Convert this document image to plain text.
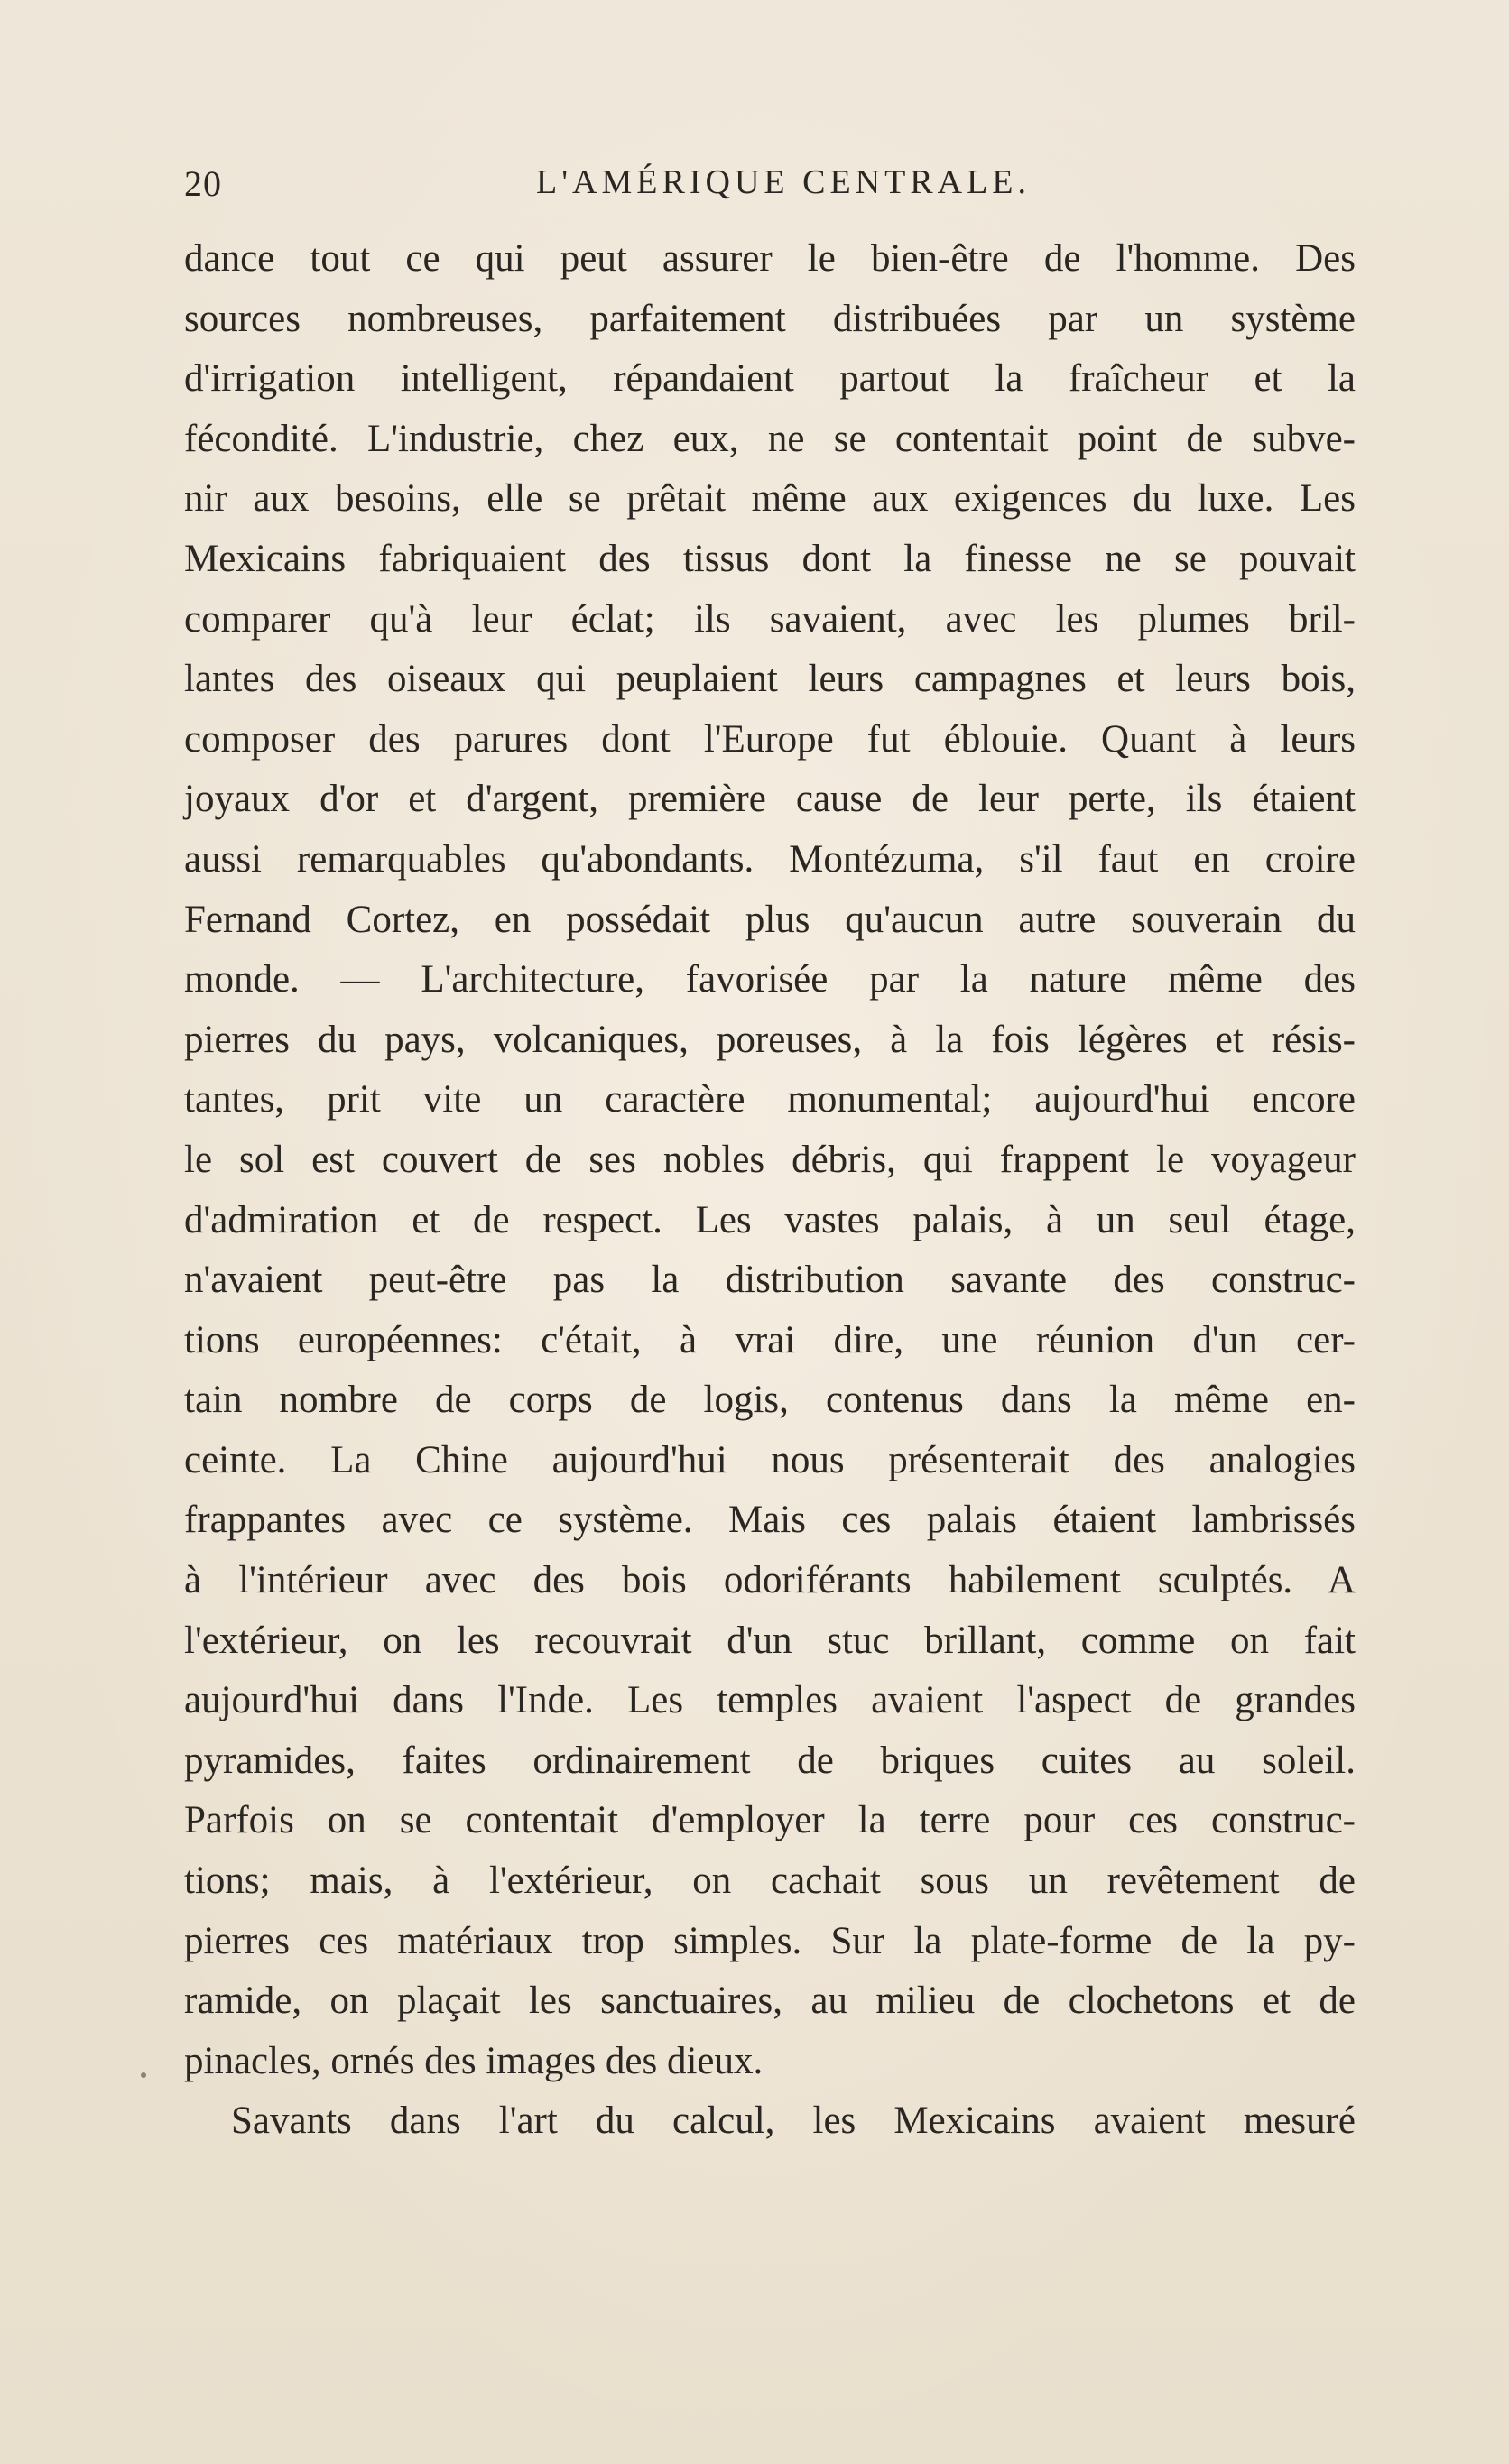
20	L'AMÉRIQUE CENTRALE.
dance tout ce qui peut assurer le bien-être de l'homme. Des
sources nombreuses, parfaitement distribuées par un système
d'irrigation intelligent, répandaient partout la fraîcheur et la
fécondité. L'industrie, chez eux, ne se contentait point de subve-
nir aux besoins, elle se prêtait même aux exigences du luxe. Les
Mexicains fabriquaient des tissus dont la finesse ne se pouvait
comparer qu'à leur éclat; ils savaient, avec les plumes bril-
lantes des oiseaux qui peuplaient leurs campagnes et leurs bois,
composer des parures dont l'Europe fut éblouie. Quant à leurs
joyaux d'or et d'argent, première cause de leur perte, ils étaient
aussi remarquables qu'abondants. Montézuma, s'il faut en croire
Fernand Cortez, en possédait plus qu'aucun autre souverain du
monde. — L'architecture, favorisée par la nature même des
pierres du pays, volcaniques, poreuses, à la fois légères et résis-
tantes, prit vite un caractère monumental; aujourd'hui encore
le sol est couvert de ses nobles débris, qui frappent le voyageur
d'admiration et de respect. Les vastes palais, à un seul étage,
n'avaient peut-être pas la distribution savante des construc-
tions européennes: c'était, à vrai dire, une réunion d'un cer-
tain nombre de corps de logis, contenus dans la même en-
ceinte. La Chine aujourd'hui nous présenterait des analogies
frappantes avec ce système. Mais ces palais étaient lambrissés
à l'intérieur avec des bois odoriférants habilement sculptés. A
l'extérieur, on les recouvrait d'un stuc brillant, comme on fait
aujourd'hui dans l'Inde. Les temples avaient l'aspect de grandes
pyramides, faites ordinairement de briques cuites au soleil.
Parfois on se contentait d'employer la terre pour ces construc-
tions; mais, à l'extérieur, on cachait sous un revêtement de
pierres ces matériaux trop simples. Sur la plate-forme de la py-
ramide, on plaçait les sanctuaires, au milieu de clochetons et de
pinacles, ornés des images des dieux.
Savants dans l'art du calcul, les Mexicains avaient mesuré
